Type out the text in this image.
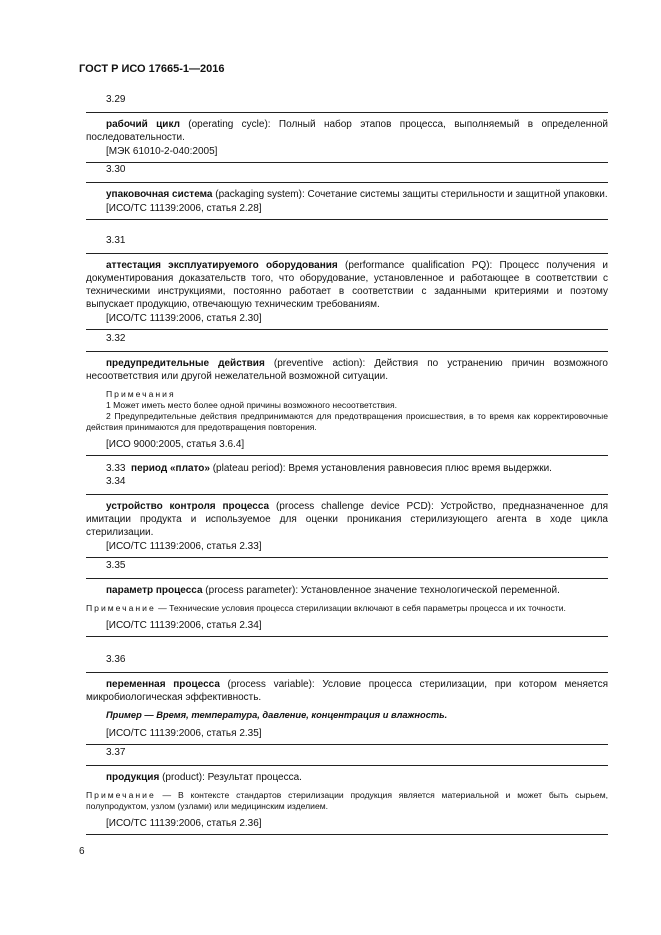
ГОСТ Р ИСО 17665-1—2016
3.29
рабочий цикл (operating cycle): Полный набор этапов процесса, выполняемый в определенной последовательности.
[МЭК 61010-2-040:2005]
3.30
упаковочная система (packaging system): Сочетание системы защиты стерильности и защитной упаковки.
[ИСО/ТС 11139:2006, статья 2.28]
3.31
аттестация эксплуатируемого оборудования (performance qualification PQ): Процесс получения и документирования доказательств того, что оборудование, установленное и работающее в соответствии с техническими инструкциями, постоянно работает в соответствии с заданными критериями и поэтому выпускает продукцию, отвечающую техническим требованиям.
[ИСО/ТС 11139:2006, статья 2.30]
3.32
предупредительные действия (preventive action): Действия по устранению причин возможного несоответствия или другой нежелательной возможной ситуации.
Примечания
1 Может иметь место более одной причины возможного несоответствия.
2 Предупредительные действия предпринимаются для предотвращения происшествия, в то время как корректировочные действия принимаются для предотвращения повторения.
[ИСО 9000:2005, статья 3.6.4]
3.33 период «плато» (plateau period): Время установления равновесия плюс время выдержки.
3.34
устройство контроля процесса (process challenge device PCD): Устройство, предназначенное для имитации продукта и используемое для оценки проникания стерилизующего агента в ходе цикла стерилизации.
[ИСО/ТС 11139:2006, статья 2.33]
3.35
параметр процесса (process parameter): Установленное значение технологической переменной.
Примечание — Технические условия процесса стерилизации включают в себя параметры процесса и их точности.
[ИСО/ТС 11139:2006, статья 2.34]
3.36
переменная процесса (process variable): Условие процесса стерилизации, при котором меняется микробиологическая эффективность.
Пример — Время, температура, давление, концентрация и влажность.
[ИСО/ТС 11139:2006, статья 2.35]
3.37
продукция (product): Результат процесса.
Примечание — В контексте стандартов стерилизации продукция является материальной и может быть сырьем, полупродуктом, узлом (узлами) или медицинским изделием.
[ИСО/ТС 11139:2006, статья 2.36]
6
